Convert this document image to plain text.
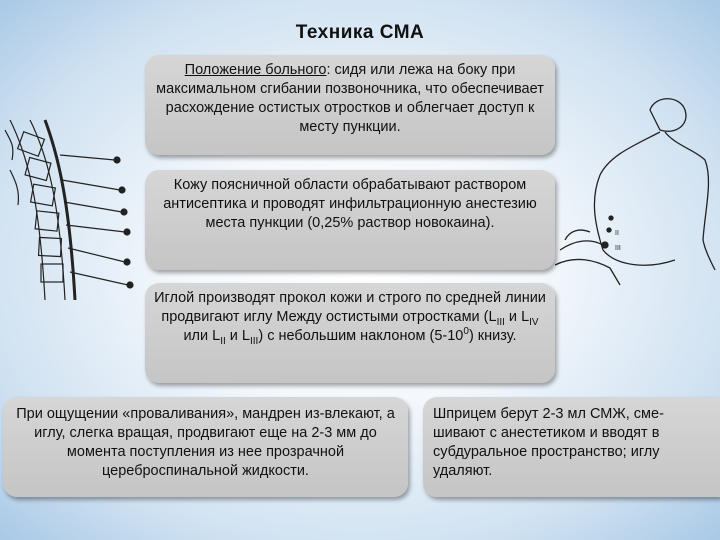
Техника СМА
II
III
Положение больного: сидя или лежа на боку при максимальном сгибании позвоночника, что обеспечивает расхождение остистых отростков и облегчает доступ к месту пункции.
Кожу поясничной области обрабатывают раствором антисептика и проводят инфильтрационную анестезию места пункции (0,25% раствор новокаина).
Иглой производят прокол кожи и строго по средней линии продвигают иглу Между остистыми отростками ($L_{III}$ и $L_{IV}$ или $L_{II}$ и $L_{III}$) с небольшим наклоном $(5-10^0)$ книзу.
При ощущении «проваливания», мандрен из-влекают, а иглу, слегка вращая, продвигают еще на 2-3 мм до момента поступления из нее прозрачной цереброспинальной жидкости.
Шприцем берут 2-3 мл СМЖ, сме-шивают с анестетиком и вводят в субдуральное пространство; иглу удаляют.
